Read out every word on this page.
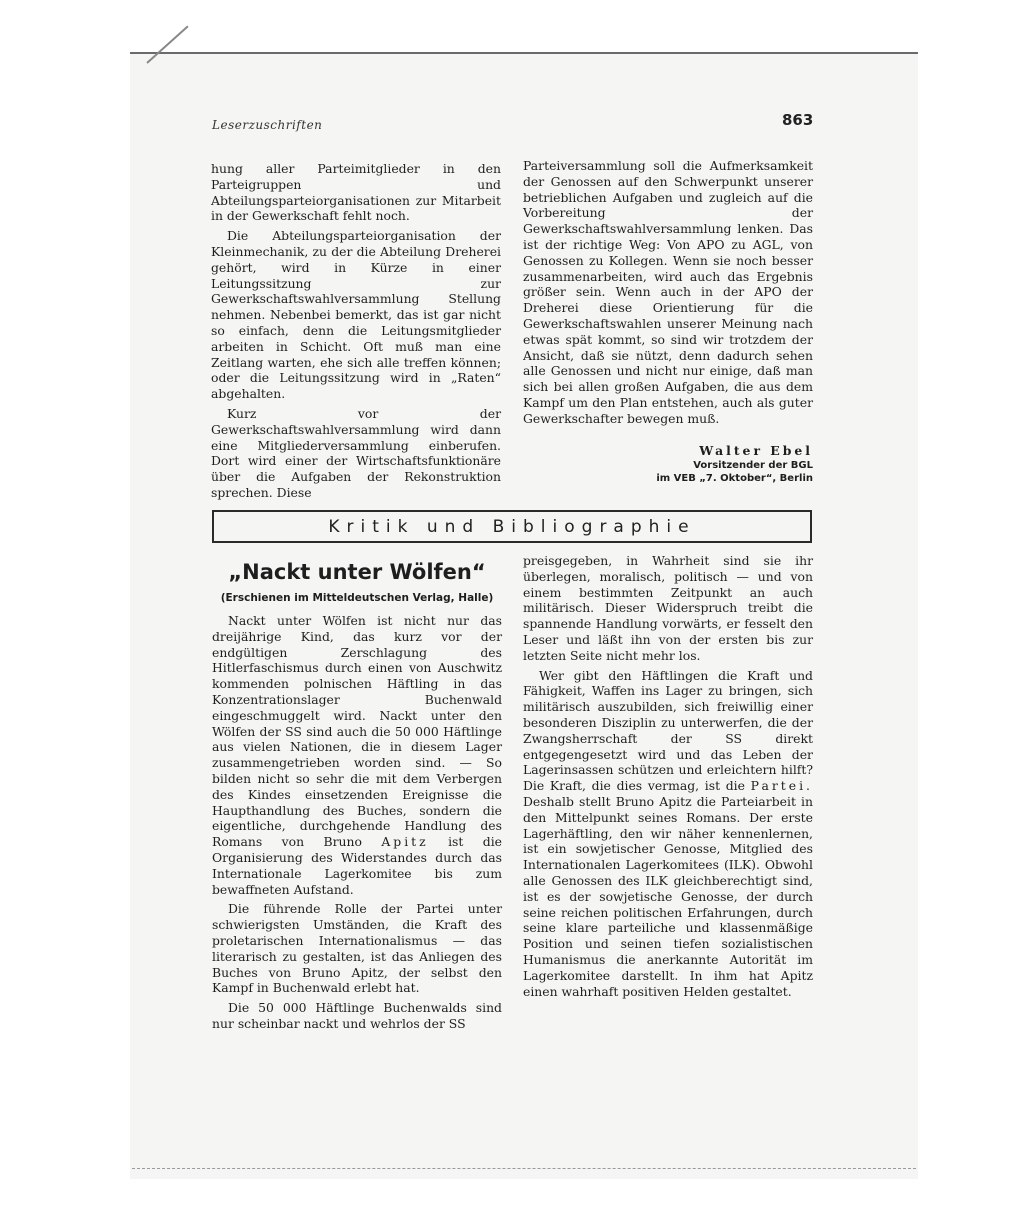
Leserzuschriften	863

hung aller Parteimitglieder in den Parteigruppen und Abteilungsparteiorganisationen zur Mitarbeit in der Gewerkschaft fehlt noch.

Die Abteilungsparteiorganisation der Kleinmechanik, zu der die Abteilung Dreherei gehört, wird in Kürze in einer Leitungssitzung zur Gewerkschaftswahlversammlung Stellung nehmen. Nebenbei bemerkt, das ist gar nicht so einfach, denn die Leitungsmitglieder arbeiten in Schicht. Oft muß man eine Zeitlang warten, ehe sich alle treffen können; oder die Leitungssitzung wird in „Raten“ abgehalten.

Kurz vor der Gewerkschaftswahlversammlung wird dann eine Mitgliederversammlung einberufen. Dort wird einer der Wirtschaftsfunktionäre über die Aufgaben der Rekonstruktion sprechen. Diese

Parteiversammlung soll die Aufmerksamkeit der Genossen auf den Schwerpunkt unserer betrieblichen Aufgaben und zugleich auf die Vorbereitung der Gewerkschaftswahlversammlung lenken. Das ist der richtige Weg: Von APO zu AGL, von Genossen zu Kollegen. Wenn sie noch besser zusammenarbeiten, wird auch das Ergebnis größer sein. Wenn auch in der APO der Dreherei diese Orientierung für die Gewerkschaftswahlen unserer Meinung nach etwas spät kommt, so sind wir trotzdem der Ansicht, daß sie nützt, denn dadurch sehen alle Genossen und nicht nur einige, daß man sich bei allen großen Aufgaben, die aus dem Kampf um den Plan entstehen, auch als guter Gewerkschafter bewegen muß.

Walter Ebel
Vorsitzender der BGL
im VEB „7. Oktober“, Berlin
Kritik und Bibliographie
„Nackt unter Wölfen“
(Erschienen im Mitteldeutschen Verlag, Halle)

Nackt unter Wölfen ist nicht nur das dreijährige Kind, das kurz vor der endgültigen Zerschlagung des Hitlerfaschismus durch einen von Auschwitz kommenden polnischen Häftling in das Konzentrationslager Buchenwald eingeschmuggelt wird. Nackt unter den Wölfen der SS sind auch die 50 000 Häftlinge aus vielen Nationen, die in diesem Lager zusammengetrieben worden sind. — So bilden nicht so sehr die mit dem Verbergen des Kindes einsetzenden Ereignisse die Haupthandlung des Buches, sondern die eigentliche, durchgehende Handlung des Romans von Bruno Apitz ist die Organisierung des Widerstandes durch das Internationale Lagerkomitee bis zum bewaffneten Aufstand.

Die führende Rolle der Partei unter schwierigsten Umständen, die Kraft des proletarischen Internationalismus — das literarisch zu gestalten, ist das Anliegen des Buches von Bruno Apitz, der selbst den Kampf in Buchenwald erlebt hat.

Die 50 000 Häftlinge Buchenwalds sind nur scheinbar nackt und wehrlos der SS

preisgegeben, in Wahrheit sind sie ihr überlegen, moralisch, politisch — und von einem bestimmten Zeitpunkt an auch militärisch. Dieser Widerspruch treibt die spannende Handlung vorwärts, er fesselt den Leser und läßt ihn von der ersten bis zur letzten Seite nicht mehr los.

Wer gibt den Häftlingen die Kraft und Fähigkeit, Waffen ins Lager zu bringen, sich militärisch auszubilden, sich freiwillig einer besonderen Disziplin zu unterwerfen, die der Zwangsherrschaft der SS direkt entgegengesetzt wird und das Leben der Lagerinsassen schützen und erleichtern hilft? Die Kraft, die dies vermag, ist die Partei. Deshalb stellt Bruno Apitz die Parteiarbeit in den Mittelpunkt seines Romans. Der erste Lagerhäftling, den wir näher kennenlernen, ist ein sowjetischer Genosse, Mitglied des Internationalen Lagerkomitees (ILK). Obwohl alle Genossen des ILK gleichberechtigt sind, ist es der sowjetische Genosse, der durch seine reichen politischen Erfahrungen, durch seine klare parteiliche und klassenmäßige Position und seinen tiefen sozialistischen Humanismus die anerkannte Autorität im Lagerkomitee darstellt. In ihm hat Apitz einen wahrhaft positiven Helden gestaltet.
